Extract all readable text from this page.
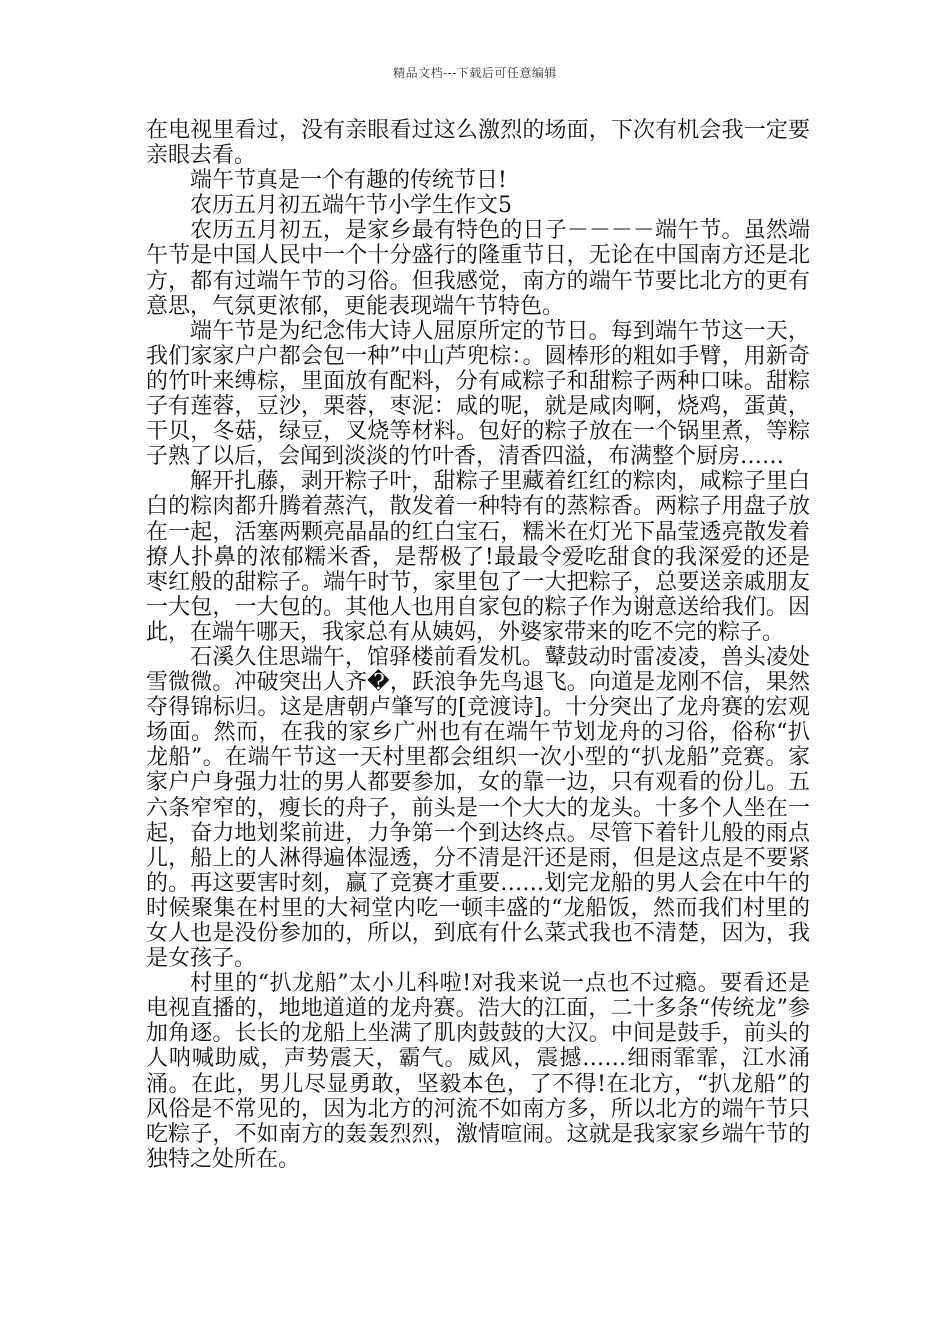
精品文档---下载后可任意编辑

在电视里看过，没有亲眼看过这么激烈的场面，下次有机会我一定要亲眼去看。

端午节真是一个有趣的传统节日!

农历五月初五端午节小学生作文5

农历五月初五，是家乡最有特色的日子－－－－端午节。虽然端午节是中国人民中一个十分盛行的隆重节日，无论在中国南方还是北方，都有过端午节的习俗。但我感觉，南方的端午节要比北方的更有意思，气氛更浓郁，更能表现端午节特色。

端午节是为纪念伟大诗人屈原所定的节日。每到端午节这一天，我们家家户户都会包一种”中山芦兜棕：。圆棒形的粗如手臂，用新奇的竹叶来缚棕，里面放有配料，分有咸粽子和甜粽子两种口味。甜粽子有莲蓉，豆沙，栗蓉，枣泥：咸的呢，就是咸肉啊，烧鸡，蛋黄，干贝，冬菇，绿豆，叉烧等材料。包好的粽子放在一个锅里煮，等粽子熟了以后，会闻到淡淡的竹叶香，清香四溢，布满整个厨房……

解开扎藤，剥开粽子叶，甜粽子里藏着红红的粽肉，咸粽子里白白的粽肉都升腾着蒸汽，散发着一种特有的蒸粽香。两粽子用盘子放在一起，活塞两颗亮晶晶的红白宝石，糯米在灯光下晶莹透亮散发着撩人扑鼻的浓郁糯米香，是帮极了!最最令爱吃甜食的我深爱的还是枣红般的甜粽子。端午时节，家里包了一大把粽子，总要送亲戚朋友一大包，一大包的。其他人也用自家包的粽子作为谢意送给我们。因此，在端午哪天，我家总有从姨妈，外婆家带来的吃不完的粽子。

石溪久住思端午，馆驿楼前看发机。鼙鼓动时雷凌凌，兽头凌处雪微微。冲破突出人齐�，跃浪争先鸟退飞。向道是龙刚不信，果然夺得锦标归。这是唐朝卢肇写的[竞渡诗]。十分突出了龙舟赛的宏观场面。然而，在我的家乡广州也有在端午节划龙舟的习俗，俗称“扒龙船”。在端午节这一天村里都会组织一次小型的“扒龙船”竞赛。家家户户身强力壮的男人都要参加，女的靠一边，只有观看的份儿。五六条窄窄的，瘦长的舟子，前头是一个大大的龙头。十多个人坐在一起，奋力地划桨前进，力争第一个到达终点。尽管下着针儿般的雨点儿，船上的人淋得遍体湿透，分不清是汗还是雨，但是这点是不要紧的。再这要害时刻，赢了竞赛才重要……划完龙船的男人会在中午的时候聚集在村里的大祠堂内吃一顿丰盛的“龙船饭，然而我们村里的女人也是没份参加的，所以，到底有什么菜式我也不清楚，因为，我是女孩子。

村里的“扒龙船”太小儿科啦!对我来说一点也不过瘾。要看还是电视直播的，地地道道的龙舟赛。浩大的江面，二十多条“传统龙”参加角逐。长长的龙船上坐满了肌肉鼓鼓的大汉。中间是鼓手，前头的人呐喊助威，声势震天，霸气。威风，震撼……细雨霏霏，江水涌涌。在此，男儿尽显勇敢，坚毅本色，了不得!在北方，“扒龙船”的风俗是不常见的，因为北方的河流不如南方多，所以北方的端午节只吃粽子，不如南方的轰轰烈烈，激情喧闹。这就是我家家乡端午节的独特之处所在。
